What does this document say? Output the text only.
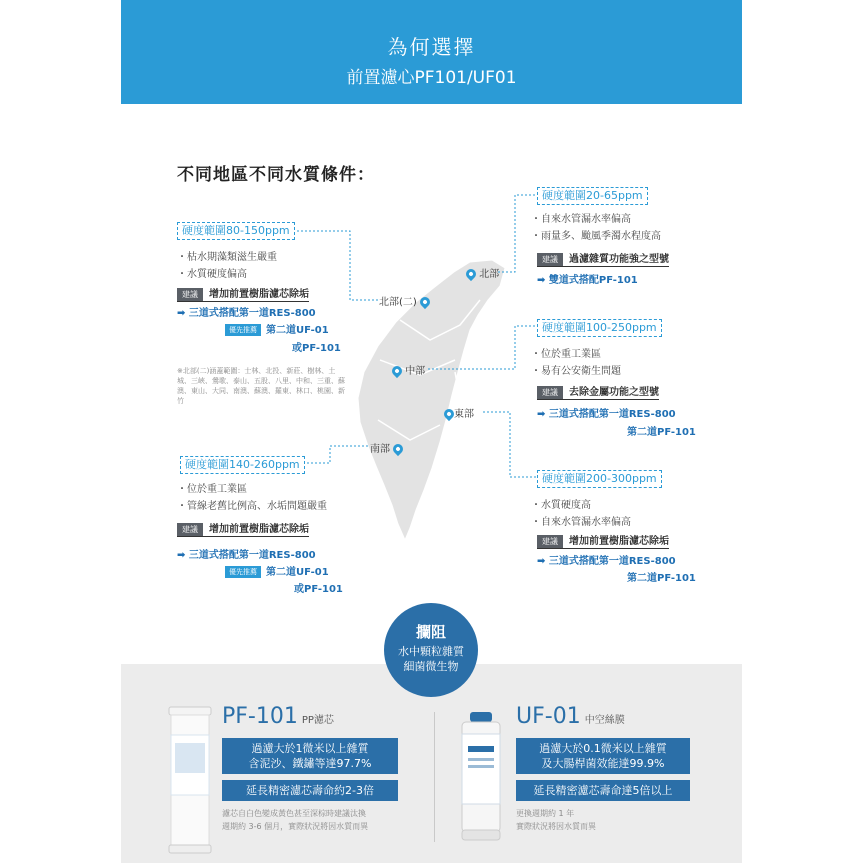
為何選擇
前置濾心PF101/UF01
不同地區不同水質條件：
北部
北部(二)
中部
東部
南部
硬度範圍80-150ppm
・枯水期藻類滋生嚴重
・水質硬度偏高
建議 增加前置樹脂濾芯除垢
➡ 三道式搭配第一道RES-800
優先推薦 第二道UF-01
或PF-101
※北部(二)涵蓋範圍：士林、北投、新莊、樹林、土城、三峽、鶯歌、泰山、五股、八里、中和、三重、蘇澳、東山、大同、南澳、蘇澳、羅東、林口、桃園、新竹
硬度範圍20-65ppm
・自來水管漏水率偏高
・雨量多、颱風季濁水程度高
建議 過濾雜質功能強之型號
➡ 雙道式搭配PF-101
硬度範圍100-250ppm
・位於重工業區
・易有公安衛生問題
建議 去除金屬功能之型號
➡ 三道式搭配第一道RES-800
第二道PF-101
硬度範圍140-260ppm
・位於重工業區
・管線老舊比例高、水垢問題嚴重
建議 增加前置樹脂濾芯除垢
➡ 三道式搭配第一道RES-800
優先推薦 第二道UF-01
或PF-101
硬度範圍200-300ppm
・水質硬度高
・自來水管漏水率偏高
建議 增加前置樹脂濾芯除垢
➡ 三道式搭配第一道RES-800
第二道PF-101
攔阻
水中顆粒雜質
細菌微生物
PF-101 PP濾芯
過濾大於1微米以上雜質
含泥沙、鐵鏽等達97.7%
延長精密濾芯壽命約2-3倍
濾芯自白色變成黃色甚至深棕時建議汰換
週期約 3-6 個月，實際狀況將因水質而異
UF-01 中空絲膜
過濾大於0.1微米以上雜質
及大腸桿菌效能達99.9%
延長精密濾芯壽命達5倍以上
更換週期約 1 年
實際狀況將因水質而異
